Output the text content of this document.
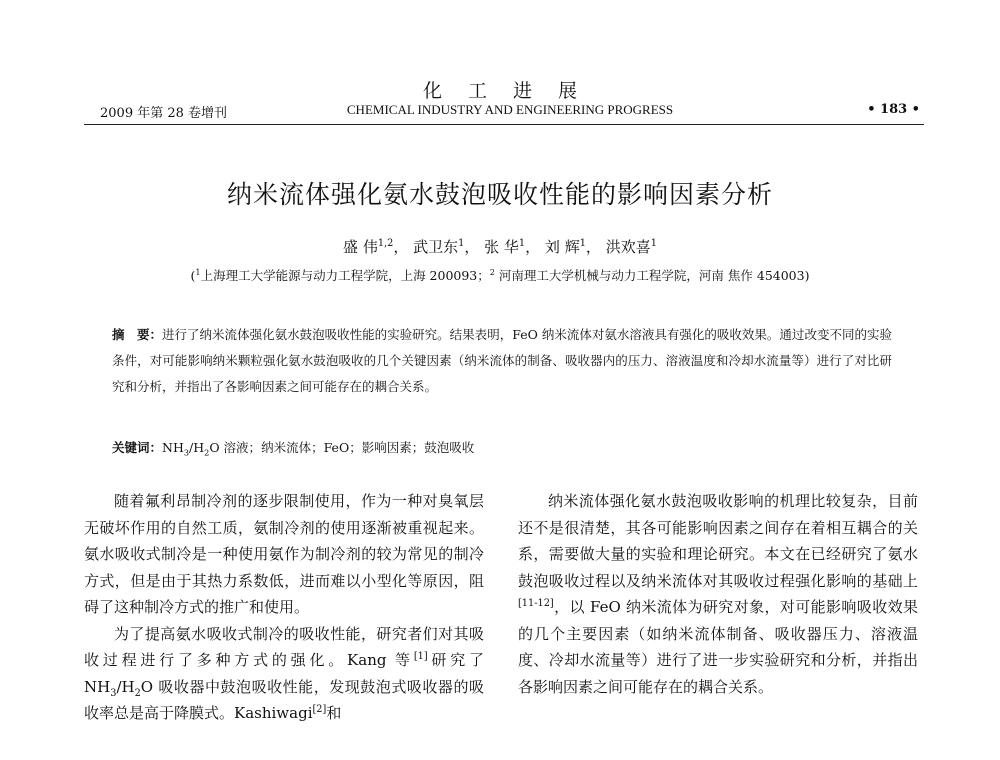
化工进展
2009 年第 28 卷增刊	CHEMICAL INDUSTRY AND ENGINEERING PROGRESS	• 183 •
纳米流体强化氨水鼓泡吸收性能的影响因素分析
盛 伟$^{1,2}$， 武卫东$^1$， 张 华$^1$， 刘 辉$^1$， 洪欢喜$^1$
($^1$上海理工大学能源与动力工程学院，上海 200093；$^2$ 河南理工大学机械与动力工程学院，河南 焦作 454003)
摘　要：进行了纳米流体强化氨水鼓泡吸收性能的实验研究。结果表明，FeO 纳米流体对氨水溶液具有强化的吸收效果。通过改变不同的实验条件，对可能影响纳米颗粒强化氨水鼓泡吸收的几个关键因素（纳米流体的制备、吸收器内的压力、溶液温度和冷却水流量等）进行了对比研究和分析，并指出了各影响因素之间可能存在的耦合关系。
关键词：$NH_3/H_2O$ 溶液；纳米流体；FeO；影响因素；鼓泡吸收

随着氟利昂制冷剂的逐步限制使用，作为一种对臭氧层无破坏作用的自然工质，氨制冷剂的使用逐渐被重视起来。氨水吸收式制冷是一种使用氨作为制冷剂的较为常见的制冷方式，但是由于其热力系数低，进而难以小型化等原因，阻碍了这种制冷方式的推广和使用。

为了提高氨水吸收式制冷的吸收性能，研究者们对其吸收过程进行了多种方式的强化。Kang 等[1]研究了 $NH_3/H_2O$ 吸收器中鼓泡吸收性能，发现鼓泡式吸收器的吸收率总是高于降膜式。Kashiwagi[2]和

纳米流体强化氨水鼓泡吸收影响的机理比较复杂，目前还不是很清楚，其各可能影响因素之间存在着相互耦合的关系，需要做大量的实验和理论研究。本文在已经研究了氨水鼓泡吸收过程以及纳米流体对其吸收过程强化影响的基础上 [11-12]，以 FeO 纳米流体为研究对象，对可能影响吸收效果的几个主要因素（如纳米流体制备、吸收器压力、溶液温度、冷却水流量等）进行了进一步实验研究和分析，并指出各影响因素之间可能存在的耦合关系。
